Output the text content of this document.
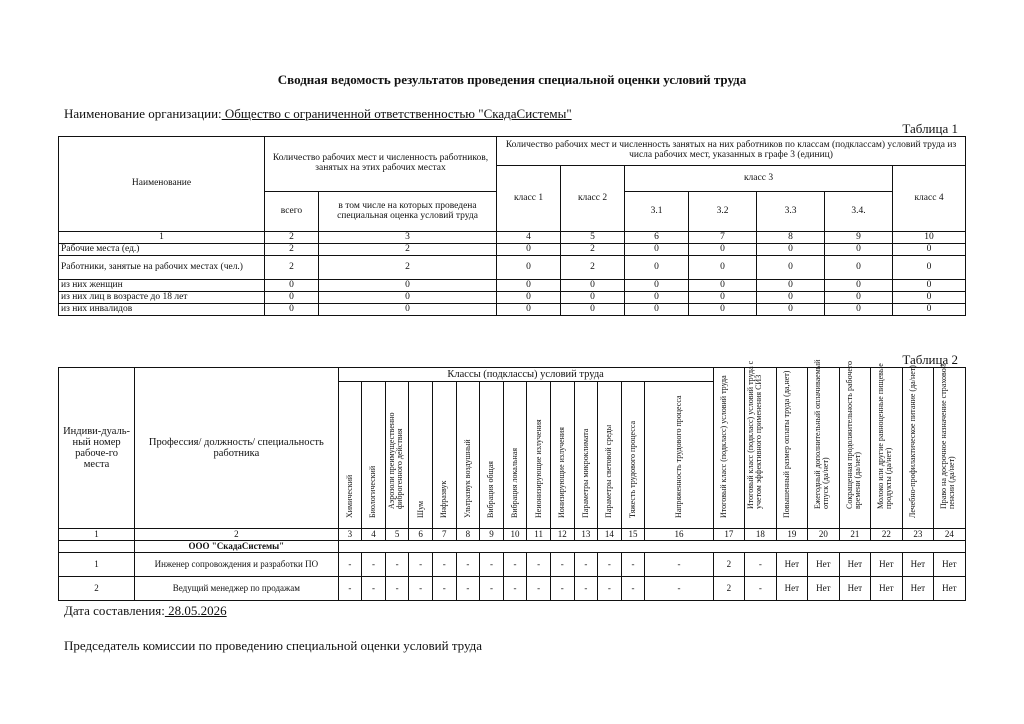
Сводная ведомость результатов проведения специальной оценки условий труда
Наименование организации: Общество с ограниченной ответственностью "СкадаСистемы"
Таблица 1
Наименование	Количество рабочих мест и численность работников, занятых на этих рабочих местах		Количество рабочих мест и численность занятых на них работников по классам (подклассам) условий труда из числа рабочих мест, указанных в графе 3 (единиц)						
			класс 1	класс 2	класс 3				класс 4
	всего	в том числе на которых проведена специальная оценка условий труда			3.1	3.2	3.3	3.4.	
1	2	3	4	5	6	7	8	9	10
Рабочие места (ед.)	2	2	0	2	0	0	0	0	0
Работники, занятые на рабочих местах (чел.)	2	2	0	2	0	0	0	0	0
из них женщин	0	0	0	0	0	0	0	0	0
из них лиц в возрасте до 18 лет	0	0	0	0	0	0	0	0	0
из них инвалидов	0	0	0	0	0	0	0	0	0
Таблица 2
Индиви-дуаль-ный номер рабоче-го места	Профессия/ должность/ специальность работника	Классы (подклассы) условий труда														Итоговый класс (подкласс) условий труда	Итоговый класс (подкласс) условий труда с учетом эффективного применения СИЗ	Повышенный размер оплаты труда (да,нет)	Ежегодный дополнительный оплачиваемый отпуск (да/нет)	Сокращенная продолжительность рабочего времени (да/нет)	Молоко или другие равноценные пищевые продукты (да/нет)	Лечебно-профилактическое питание (да/нет)	Право на досрочное назначение страховой пенсии (да/нет)

		Химический	Биологический	Аэрозоли преимущественно фиброгенного действия	Шум	Инфразвук	Ультразвук воздушный	Вибрация общая	Вибрация локальная	Неионизирующие излучения	Ионизирующие излучения	Параметры микроклимата	Параметры световой среды	Тяжесть трудового процесса	Напряженность трудового процесса								

1	2	3	4	5	6	7	8	9	10	11	12	13	14	15	16	17	18	19	20	21	22	23	24
	ООО "СкадаСистемы"																						
1	Инженер сопровождения и разработки ПО	-	-	-	-	-	-	-	-	-	-	-	-	-	-	2	-	Нет	Нет	Нет	Нет	Нет	Нет
2	Ведущий менеджер по продажам	-	-	-	-	-	-	-	-	-	-	-	-	-	-	2	-	Нет	Нет	Нет	Нет	Нет	Нет
Дата составления: 28.05.2026
Председатель комиссии по проведению специальной оценки условий труда
